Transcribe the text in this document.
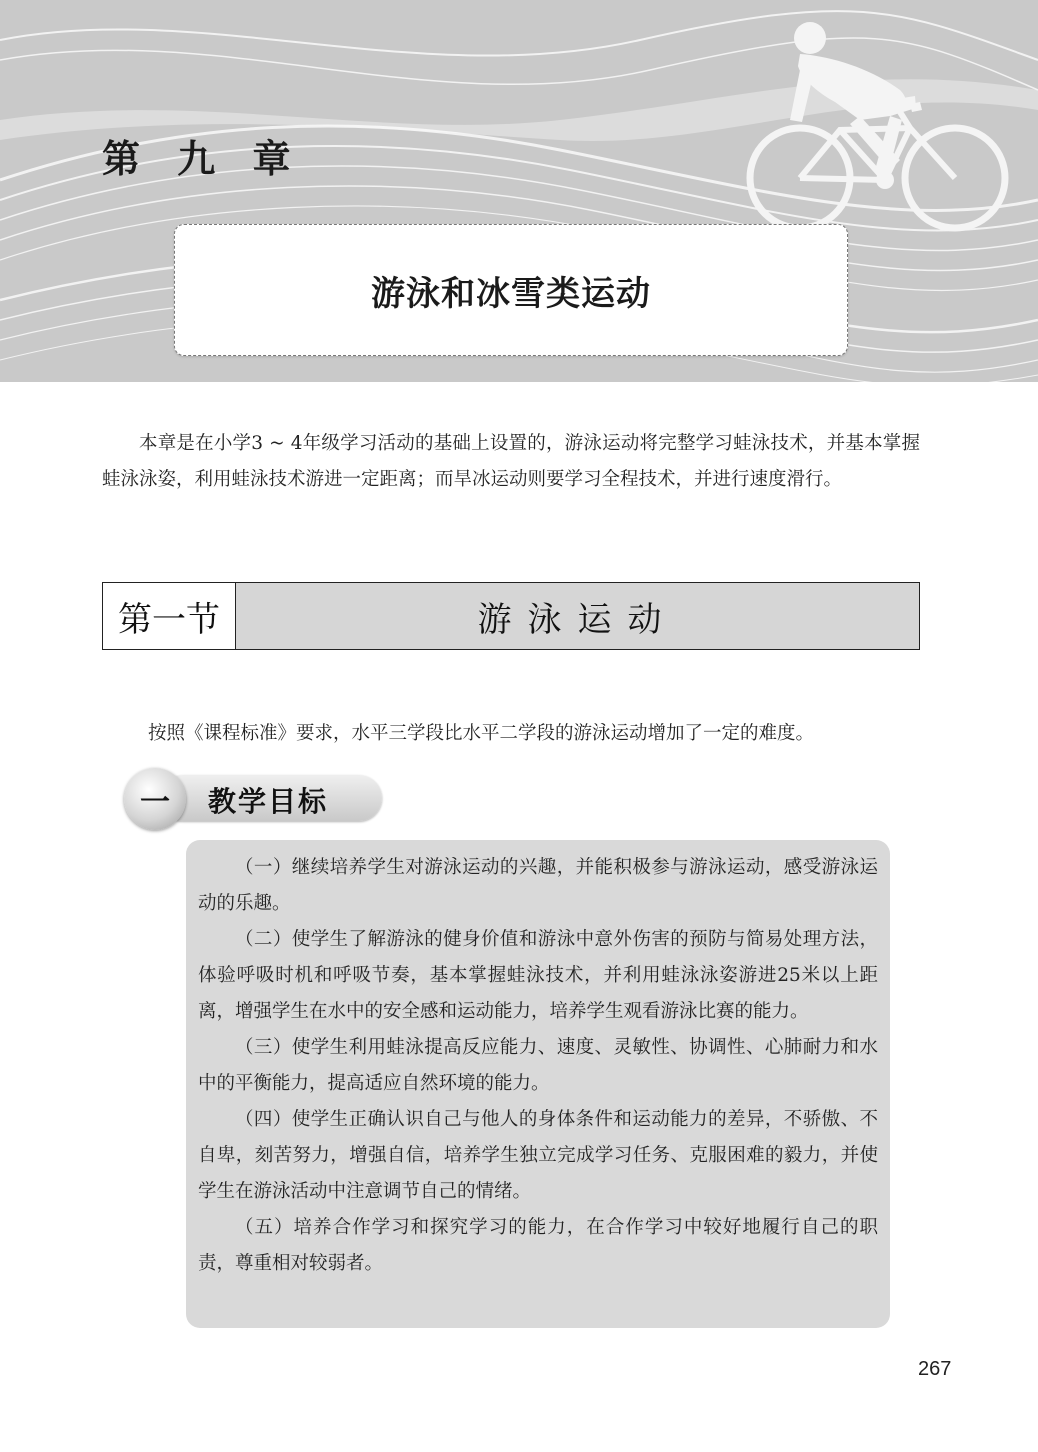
第 九 章
游泳和冰雪类运动

本章是在小学3 ~ 4年级学习活动的基础上设置的，游泳运动将完整学习蛙泳技术，并基本掌握蛙泳泳姿，利用蛙泳技术游进一定距离；而旱冰运动则要学习全程技术，并进行速度滑行。

第一节	游泳运动
按照《课程标准》要求，水平三学段比水平二学段的游泳运动增加了一定的难度。
一	教学目标

（一）继续培养学生对游泳运动的兴趣，并能积极参与游泳运动，感受游泳运动的乐趣。

（二）使学生了解游泳的健身价值和游泳中意外伤害的预防与简易处理方法，体验呼吸时机和呼吸节奏，基本掌握蛙泳技术，并利用蛙泳泳姿游进25米以上距离，增强学生在水中的安全感和运动能力，培养学生观看游泳比赛的能力。

（三）使学生利用蛙泳提高反应能力、速度、灵敏性、协调性、心肺耐力和水中的平衡能力，提高适应自然环境的能力。

（四）使学生正确认识自己与他人的身体条件和运动能力的差异，不骄傲、不自卑，刻苦努力，增强自信，培养学生独立完成学习任务、克服困难的毅力，并使学生在游泳活动中注意调节自己的情绪。

（五）培养合作学习和探究学习的能力，在合作学习中较好地履行自己的职责，尊重相对较弱者。

267
